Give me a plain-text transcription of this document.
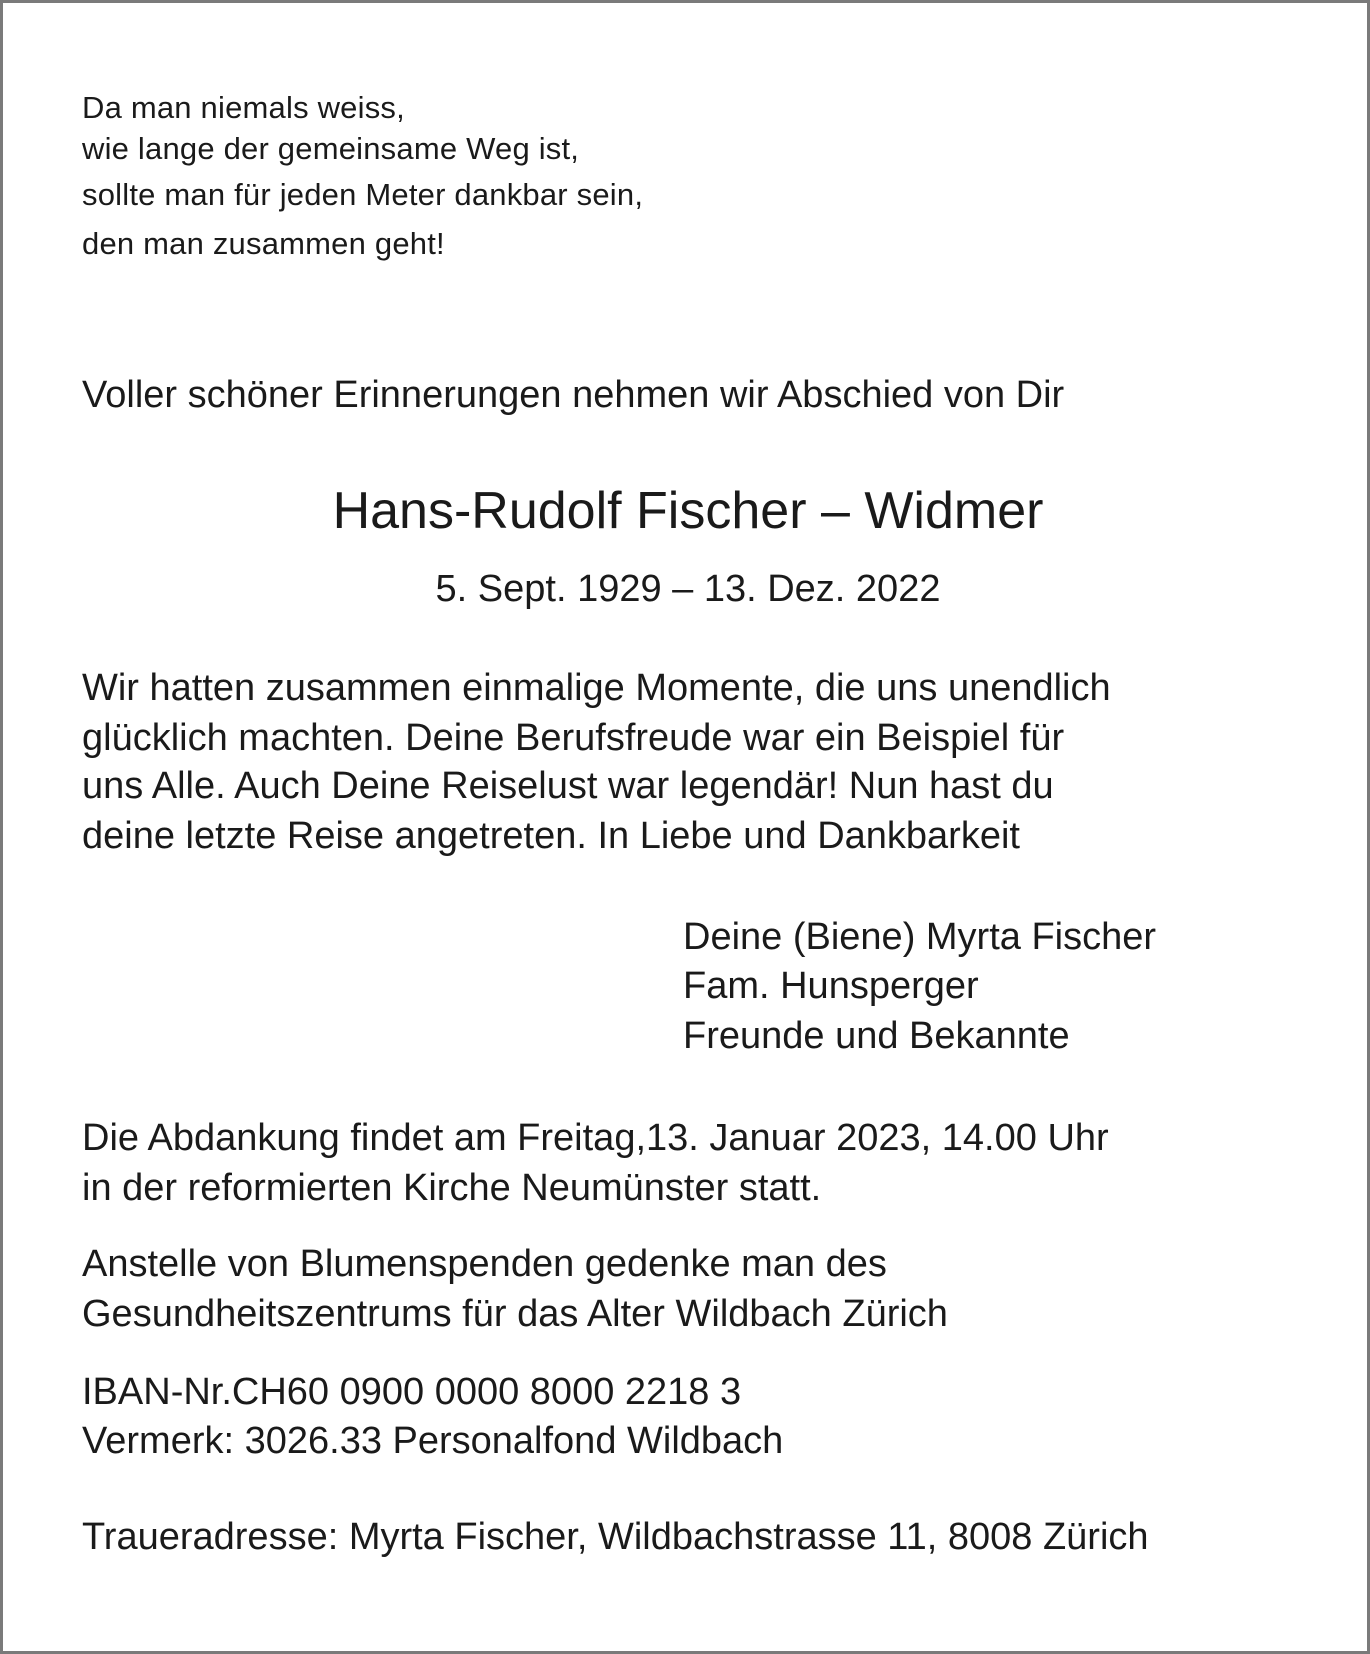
Da man niemals weiss,

wie lange der gemeinsame Weg ist,

sollte man für jeden Meter dankbar sein,

den man zusammen geht!

Voller schöner Erinnerungen nehmen wir Abschied von Dir

Hans-Rudolf Fischer – Widmer

5. Sept. 1929 – 13. Dez. 2022

Wir hatten zusammen einmalige Momente, die uns unendlich

glücklich machten. Deine Berufsfreude war ein Beispiel für

uns Alle. Auch Deine Reiselust war legendär! Nun hast du

deine letzte Reise angetreten. In Liebe und Dankbarkeit

Deine (Biene) Myrta Fischer

Fam. Hunsperger

Freunde und Bekannte

Die Abdankung findet am Freitag,13. Januar 2023, 14.00 Uhr

in der reformierten Kirche Neumünster statt.

Anstelle von Blumenspenden gedenke man des

Gesundheitszentrums für das Alter Wildbach Zürich

IBAN-Nr.CH60 0900 0000 8000 2218 3

Vermerk: 3026.33 Personalfond Wildbach

Traueradresse: Myrta Fischer, Wildbachstrasse 11, 8008 Zürich
